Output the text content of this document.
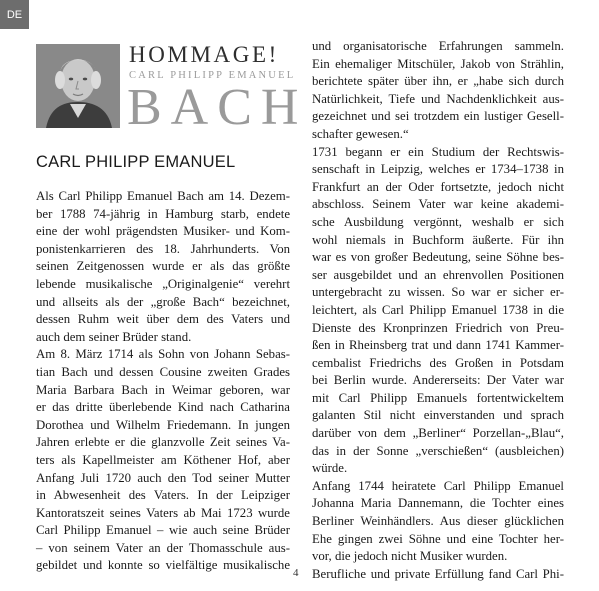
DE
HOMMAGE!
CARL PHILIPP EMANUEL
BACH
CARL PHILIPP EMANUEL
Als Carl Philipp Emanuel Bach am 14. Dezem-
ber 1788 74-jährig in Hamburg starb, endete
eine der wohl prägendsten Musiker- und Kom-
ponistenkarrieren des 18. Jahrhunderts. Von
seinen Zeitgenossen wurde er als das größte
lebende musikalische „Originalgenie“ verehrt
und allseits als der „große Bach“ bezeichnet,
dessen Ruhm weit über dem des Vaters und
auch dem seiner Brüder stand.
Am 8. März 1714 als Sohn von Johann Sebas-
tian Bach und dessen Cousine zweiten Grades
Maria Barbara Bach in Weimar geboren, war
er das dritte überlebende Kind nach Catharina
Dorothea und Wilhelm Friedemann. In jungen
Jahren erlebte er die glanzvolle Zeit seines Va-
ters als Kapellmeister am Köthener Hof, aber
Anfang Juli 1720 auch den Tod seiner Mutter
in Abwesenheit des Vaters. In der Leipziger
Kantoratszeit seines Vaters ab Mai 1723 wurde
Carl Philipp Emanuel – wie auch seine Brüder
– von seinem Vater an der Thomasschule aus-
gebildet und konnte so vielfältige musikalische
und organisatorische Erfahrungen sammeln.
Ein ehemaliger Mitschüler, Jakob von Strählin,
berichtete später über ihn, er „habe sich durch
Natürlichkeit, Tiefe und Nachdenklichkeit aus-
gezeichnet und sei trotzdem ein lustiger Gesell-
schafter gewesen.“
1731 begann er ein Studium der Rechtswis-
senschaft in Leipzig, welches er 1734–1738 in
Frankfurt an der Oder fortsetzte, jedoch nicht
abschloss. Seinem Vater war keine akademi-
sche Ausbildung vergönnt, weshalb er sich
wohl niemals in Buchform äußerte. Für ihn
war es von großer Bedeutung, seine Söhne bes-
ser ausgebildet und an ehrenvollen Positionen
untergebracht zu wissen. So war er sicher er-
leichtert, als Carl Philipp Emanuel 1738 in die
Dienste des Kronprinzen Friedrich von Preu-
ßen in Rheinsberg trat und dann 1741 Kammer-
cembalist Friedrichs des Großen in Potsdam
bei Berlin wurde. Andererseits: Der Vater war
mit Carl Philipp Emanuels fortentwickeltem
galanten Stil nicht einverstanden und sprach
darüber von dem „Berliner“ Porzellan-„Blau“,
das in der Sonne „verschießen“ (ausbleichen)
würde.
Anfang 1744 heiratete Carl Philipp Emanuel
Johanna Maria Dannemann, die Tochter eines
Berliner Weinhändlers. Aus dieser glücklichen
Ehe gingen zwei Söhne und eine Tochter her-
vor, die jedoch nicht Musiker wurden.
Berufliche und private Erfüllung fand Carl Phi-
4
